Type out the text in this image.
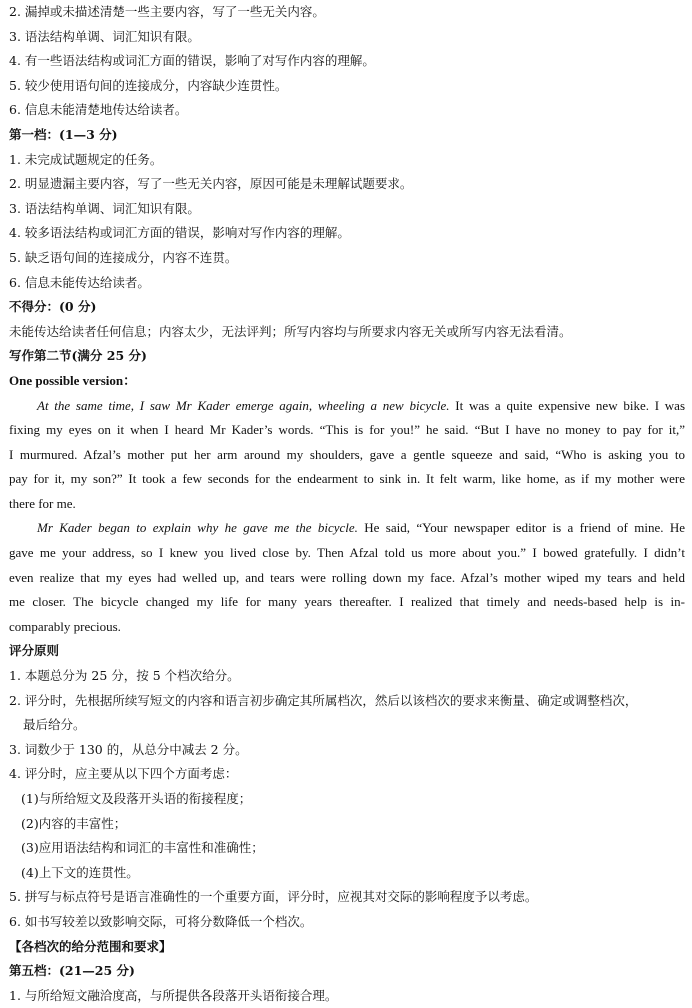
2. 漏掉或未描述清楚一些主要内容，写了一些无关内容。
3. 语法结构单调、词汇知识有限。
4. 有一些语法结构或词汇方面的错误，影响了对写作内容的理解。
5. 较少使用语句间的连接成分，内容缺少连贯性。
6. 信息未能清楚地传达给读者。
第一档：(1—3 分)
1. 未完成试题规定的任务。
2. 明显遗漏主要内容，写了一些无关内容，原因可能是未理解试题要求。
3. 语法结构单调、词汇知识有限。
4. 较多语法结构或词汇方面的错误，影响对写作内容的理解。
5. 缺乏语句间的连接成分，内容不连贯。
6. 信息未能传达给读者。
不得分：(0 分)
未能传达给读者任何信息；内容太少，无法评判；所写内容均与所要求内容无关或所写内容无法看清。
写作第二节(满分 25 分)
One possible version：
At the same time, I saw Mr Kader emerge again, wheeling a new bicycle. It was a quite expensive new bike. I was
fixing my eyes on it when I heard Mr Kader’s words. “This is for you!” he said. “But I have no money to pay for it,”
I murmured. Afzal’s mother put her arm around my shoulders, gave a gentle squeeze and said, “Who is asking you to
pay for it, my son?” It took a few seconds for the endearment to sink in. It felt warm, like home, as if my mother were
there for me.
Mr Kader began to explain why he gave me the bicycle. He said, “Your newspaper editor is a friend of mine. He
gave me your address, so I knew you lived close by. Then Afzal told us more about you.” I bowed gratefully. I didn’t
even realize that my eyes had welled up, and tears were rolling down my face. Afzal’s mother wiped my tears and held
me closer. The bicycle changed my life for many years thereafter. I realized that timely and needs-based help is in-
comparably precious.
评分原则
1. 本题总分为 25 分，按 5 个档次给分。
2. 评分时，先根据所续写短文的内容和语言初步确定其所属档次，然后以该档次的要求来衡量、确定或调整档次，
最后给分。
3. 词数少于 130 的，从总分中减去 2 分。
4. 评分时，应主要从以下四个方面考虑：
(1)与所给短文及段落开头语的衔接程度；
(2)内容的丰富性；
(3)应用语法结构和词汇的丰富性和准确性；
(4)上下文的连贯性。
5. 拼写与标点符号是语言准确性的一个重要方面，评分时，应视其对交际的影响程度予以考虑。
6. 如书写较差以致影响交际，可将分数降低一个档次。
【各档次的给分范围和要求】
第五档：(21—25 分)
1. 与所给短文融洽度高，与所提供各段落开头语衔接合理。
